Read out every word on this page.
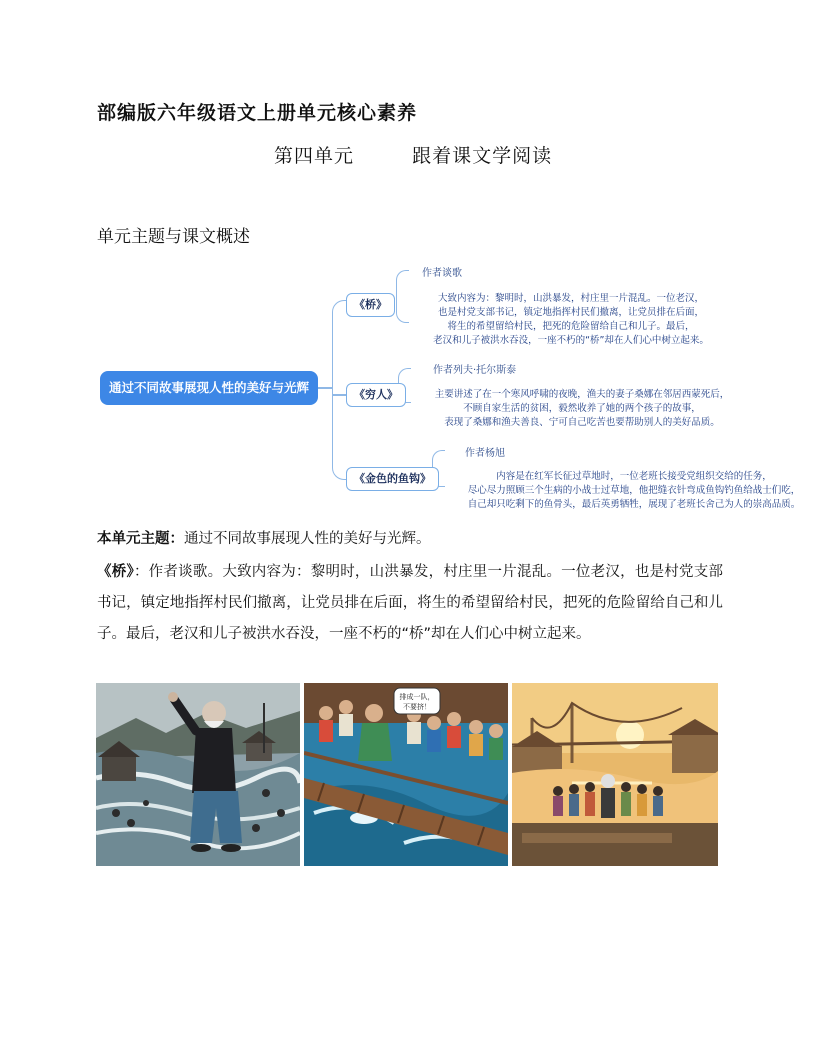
部编版六年级语文上册单元核心素养
第四单元	跟着课文学阅读
单元主题与课文概述
通过不同故事展现人性的美好与光辉
《桥》
《穷人》
《金色的鱼钩》
作者谈歌
大致内容为：黎明时，山洪暴发，村庄里一片混乱。一位老汉，
也是村党支部书记，镇定地指挥村民们撤离，让党员排在后面，
将生的希望留给村民，把死的危险留给自己和儿子。最后，
老汉和儿子被洪水吞没，一座不朽的“桥”却在人们心中树立起来。
作者列夫·托尔斯泰
主要讲述了在一个寒风呼啸的夜晚，渔夫的妻子桑娜在邻居西蒙死后，
不顾自家生活的贫困，毅然收养了她的两个孩子的故事，
表现了桑娜和渔夫善良、宁可自己吃苦也要帮助别人的美好品质。
作者杨旭
内容是在红军长征过草地时，一位老班长接受党组织交给的任务，
尽心尽力照顾三个生病的小战士过草地，他把缝衣针弯成鱼钩钓鱼给战士们吃，
自己却只吃剩下的鱼骨头，最后英勇牺牲，展现了老班长舍己为人的崇高品质。
本单元主题：通过不同故事展现人性的美好与光辉。
《桥》：作者谈歌。大致内容为：黎明时，山洪暴发，村庄里一片混乱。一位老汉，也是村党支部书记，镇定地指挥村民们撤离，让党员排在后面，将生的希望留给村民，把死的危险留给自己和儿子。最后，老汉和儿子被洪水吞没，一座不朽的“桥”却在人们心中树立起来。
排成一队，
不要挤！
